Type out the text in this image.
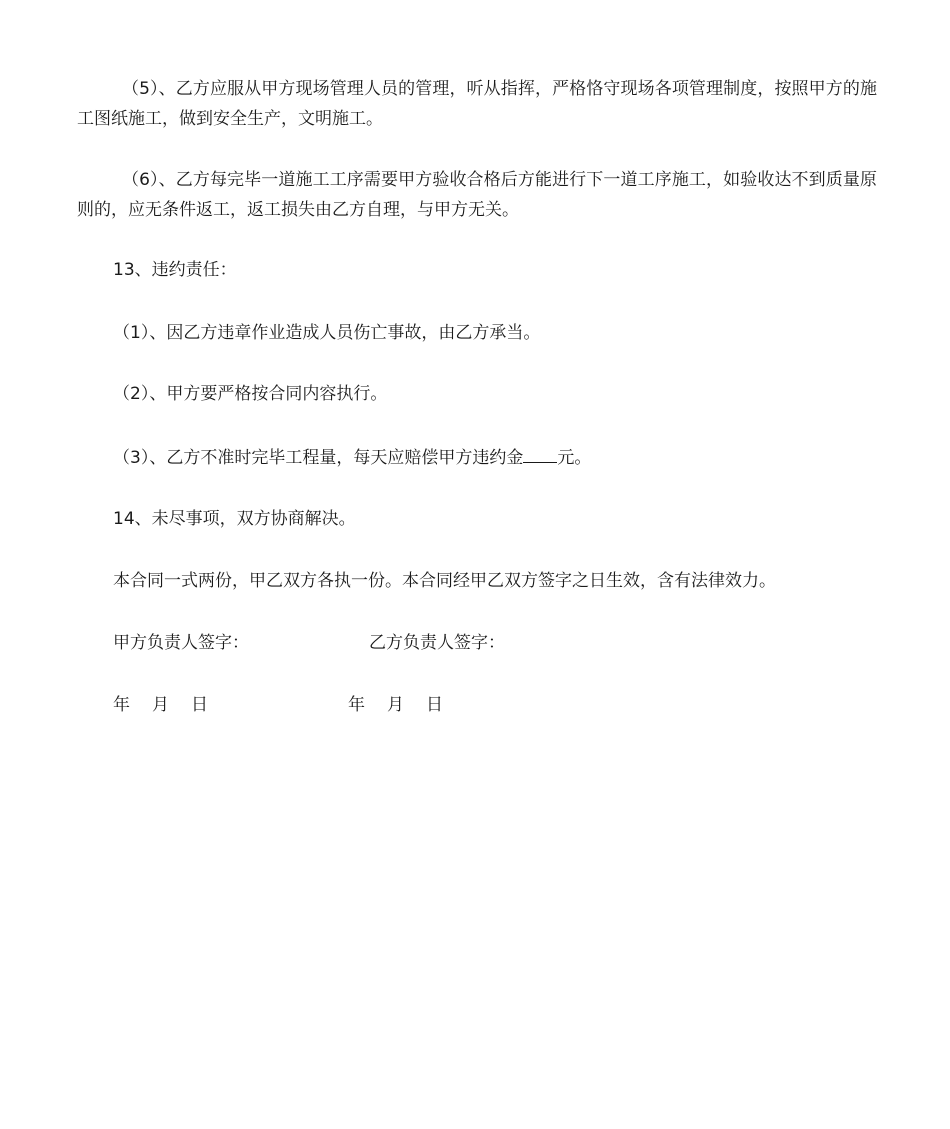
（5）、乙方应服从甲方现场管理人员的管理，听从指挥，严格恪守现场各项管理制度，按照甲方的施工图纸施工，做到安全生产，文明施工。

（6）、乙方每完毕一道施工工序需要甲方验收合格后方能进行下一道工序施工，如验收达不到质量原则的，应无条件返工，返工损失由乙方自理，与甲方无关。

13、违约责任：

（1）、因乙方违章作业造成人员伤亡事故，由乙方承当。

（2）、甲方要严格按合同内容执行。

（3）、乙方不准时完毕工程量，每天应赔偿甲方违约金 元。

14、未尽事项，双方协商解决。

本合同一式两份，甲乙双方各执一份。本合同经甲乙双方签字之日生效，含有法律效力。

甲方负责人签字：	乙方负责人签字：
年 月 日	年 月 日
